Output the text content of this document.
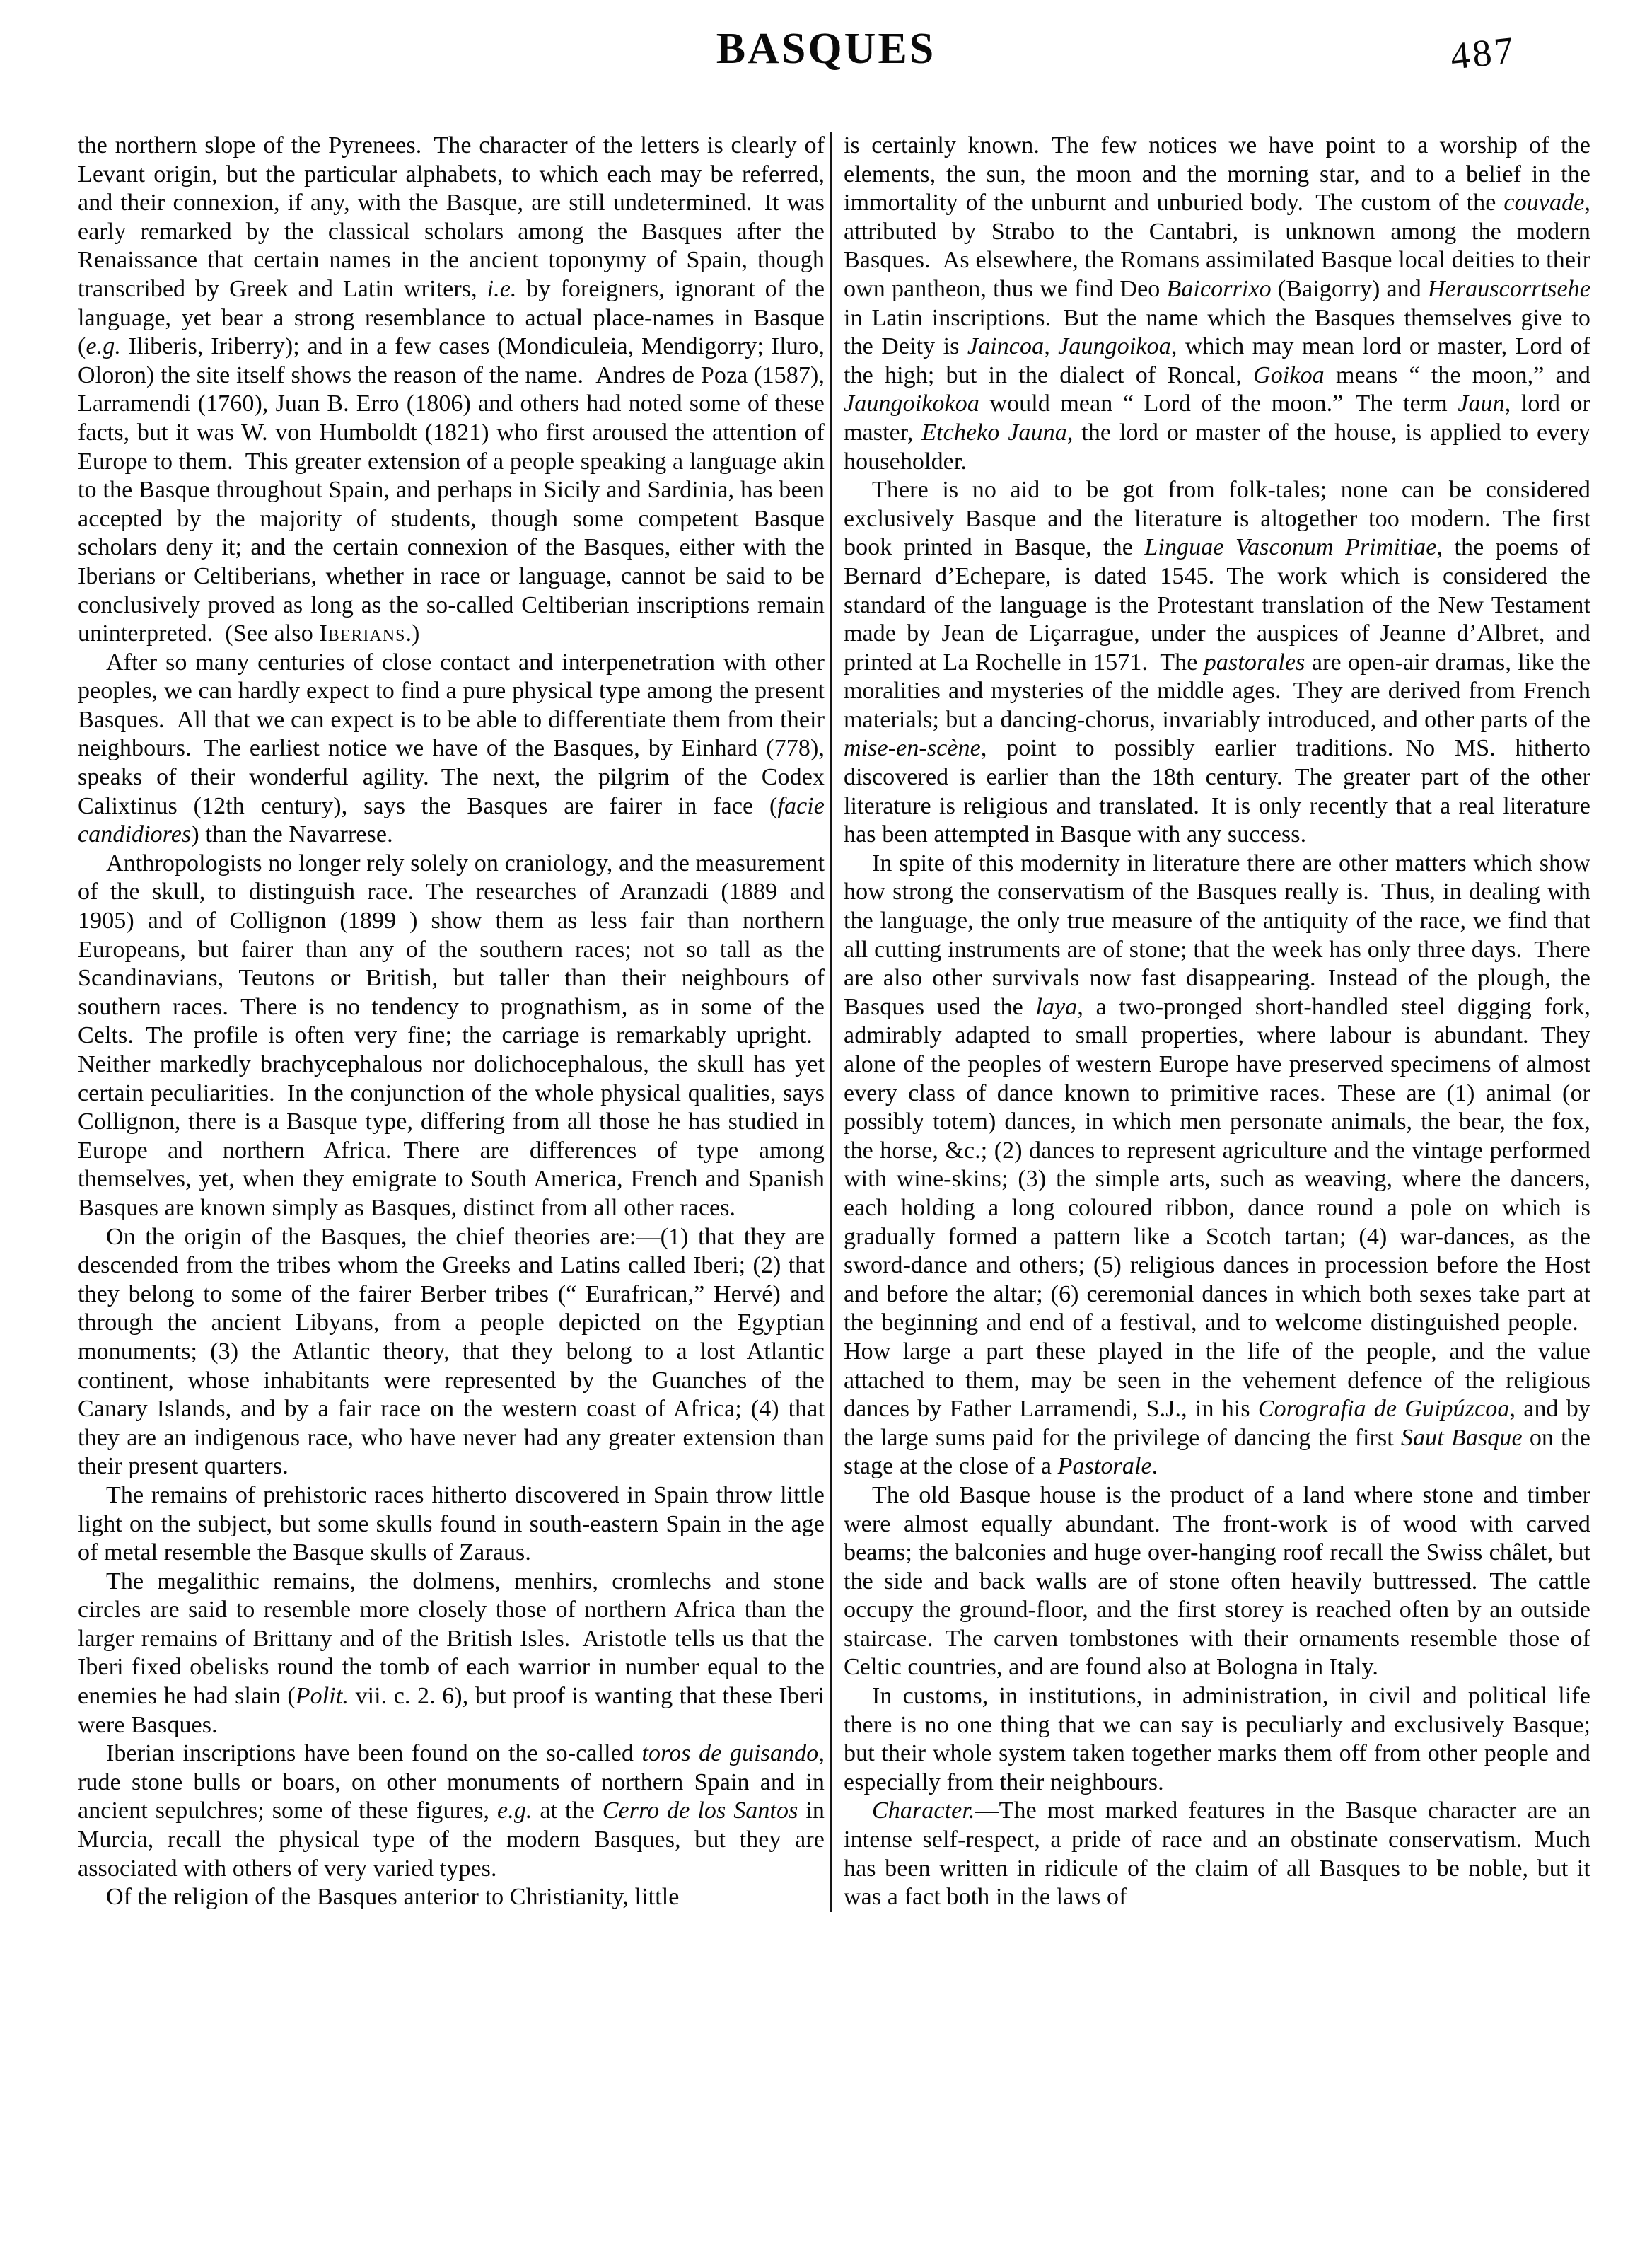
BASQUES	487

the northern slope of the Pyrenees. The character of the letters is clearly of Levant origin, but the particular alphabets, to which each may be referred, and their connexion, if any, with the Basque, are still undetermined. It was early remarked by the classical scholars among the Basques after the Renaissance that certain names in the ancient toponymy of Spain, though transcribed by Greek and Latin writers, i.e. by foreigners, ignorant of the language, yet bear a strong resemblance to actual place-names in Basque (e.g. Iliberis, Iriberry); and in a few cases (Mondiculeia, Mendigorry; Iluro, Oloron) the site itself shows the reason of the name. Andres de Poza (1587), Larramendi (1760), Juan B. Erro (1806) and others had noted some of these facts, but it was W. von Humboldt (1821) who first aroused the attention of Europe to them. This greater extension of a people speaking a language akin to the Basque throughout Spain, and perhaps in Sicily and Sardinia, has been accepted by the majority of students, though some competent Basque scholars deny it; and the certain connexion of the Basques, either with the Iberians or Celtiberians, whether in race or language, cannot be said to be conclusively proved as long as the so-called Celtiberian inscriptions remain uninterpreted. (See also Iberians.)

After so many centuries of close contact and interpenetration with other peoples, we can hardly expect to find a pure physical type among the present Basques. All that we can expect is to be able to differentiate them from their neighbours. The earliest notice we have of the Basques, by Einhard (778), speaks of their wonderful agility. The next, the pilgrim of the Codex Calixtinus (12th century), says the Basques are fairer in face (facie candidiores) than the Navarrese.

Anthropologists no longer rely solely on craniology, and the measurement of the skull, to distinguish race. The researches of Aranzadi (1889 and 1905) and of Collignon (1899 ) show them as less fair than northern Europeans, but fairer than any of the southern races; not so tall as the Scandinavians, Teutons or British, but taller than their neighbours of southern races. There is no tendency to prognathism, as in some of the Celts. The profile is often very fine; the carriage is remarkably upright. Neither markedly brachycephalous nor dolichocephalous, the skull has yet certain peculiarities. In the conjunction of the whole physical qualities, says Collignon, there is a Basque type, differing from all those he has studied in Europe and northern Africa. There are differences of type among themselves, yet, when they emigrate to South America, French and Spanish Basques are known simply as Basques, distinct from all other races.

On the origin of the Basques, the chief theories are:—(1) that they are descended from the tribes whom the Greeks and Latins called Iberi; (2) that they belong to some of the fairer Berber tribes (“ Eurafrican,” Hervé) and through the ancient Libyans, from a people depicted on the Egyptian monuments; (3) the Atlantic theory, that they belong to a lost Atlantic continent, whose inhabitants were represented by the Guanches of the Canary Islands, and by a fair race on the western coast of Africa; (4) that they are an indigenous race, who have never had any greater extension than their present quarters.

The remains of prehistoric races hitherto discovered in Spain throw little light on the subject, but some skulls found in south-eastern Spain in the age of metal resemble the Basque skulls of Zaraus.

The megalithic remains, the dolmens, menhirs, cromlechs and stone circles are said to resemble more closely those of northern Africa than the larger remains of Brittany and of the British Isles. Aristotle tells us that the Iberi fixed obelisks round the tomb of each warrior in number equal to the enemies he had slain (Polit. vii. c. 2. 6), but proof is wanting that these Iberi were Basques.

Iberian inscriptions have been found on the so-called toros de guisando, rude stone bulls or boars, on other monuments of northern Spain and in ancient sepulchres; some of these figures, e.g. at the Cerro de los Santos in Murcia, recall the physical type of the modern Basques, but they are associated with others of very varied types.

Of the religion of the Basques anterior to Christianity, little

is certainly known. The few notices we have point to a worship of the elements, the sun, the moon and the morning star, and to a belief in the immortality of the unburnt and unburied body. The custom of the couvade, attributed by Strabo to the Cantabri, is unknown among the modern Basques. As elsewhere, the Romans assimilated Basque local deities to their own pantheon, thus we find Deo Baicorrixo (Baigorry) and Herauscorrtsehe in Latin inscriptions. But the name which the Basques themselves give to the Deity is Jaincoa, Jaungoikoa, which may mean lord or master, Lord of the high; but in the dialect of Roncal, Goikoa means “ the moon,” and Jaungoikokoa would mean “ Lord of the moon.” The term Jaun, lord or master, Etcheko Jauna, the lord or master of the house, is applied to every householder.

There is no aid to be got from folk-tales; none can be considered exclusively Basque and the literature is altogether too modern. The first book printed in Basque, the Linguae Vasconum Primitiae, the poems of Bernard d’Echepare, is dated 1545. The work which is considered the standard of the language is the Protestant translation of the New Testament made by Jean de Liçarrague, under the auspices of Jeanne d’Albret, and printed at La Rochelle in 1571. The pastorales are open-air dramas, like the moralities and mysteries of the middle ages. They are derived from French materials; but a dancing-chorus, invariably introduced, and other parts of the mise-en-scène, point to possibly earlier traditions. No MS. hitherto discovered is earlier than the 18th century. The greater part of the other literature is religious and translated. It is only recently that a real literature has been attempted in Basque with any success.

In spite of this modernity in literature there are other matters which show how strong the conservatism of the Basques really is. Thus, in dealing with the language, the only true measure of the antiquity of the race, we find that all cutting instruments are of stone; that the week has only three days. There are also other survivals now fast disappearing. Instead of the plough, the Basques used the laya, a two-pronged short-handled steel digging fork, admirably adapted to small properties, where labour is abundant. They alone of the peoples of western Europe have preserved specimens of almost every class of dance known to primitive races. These are (1) animal (or possibly totem) dances, in which men personate animals, the bear, the fox, the horse, &c.; (2) dances to represent agriculture and the vintage performed with wine-skins; (3) the simple arts, such as weaving, where the dancers, each holding a long coloured ribbon, dance round a pole on which is gradually formed a pattern like a Scotch tartan; (4) war-dances, as the sword-dance and others; (5) religious dances in procession before the Host and before the altar; (6) ceremonial dances in which both sexes take part at the beginning and end of a festival, and to welcome distinguished people. How large a part these played in the life of the people, and the value attached to them, may be seen in the vehement defence of the religious dances by Father Larramendi, S.J., in his Corografia de Guipúzcoa, and by the large sums paid for the privilege of dancing the first Saut Basque on the stage at the close of a Pastorale.

The old Basque house is the product of a land where stone and timber were almost equally abundant. The front-work is of wood with carved beams; the balconies and huge over-hanging roof recall the Swiss châlet, but the side and back walls are of stone often heavily buttressed. The cattle occupy the ground-floor, and the first storey is reached often by an outside staircase. The carven tombstones with their ornaments resemble those of Celtic countries, and are found also at Bologna in Italy.

In customs, in institutions, in administration, in civil and political life there is no one thing that we can say is peculiarly and exclusively Basque; but their whole system taken together marks them off from other people and especially from their neighbours.

Character.—The most marked features in the Basque character are an intense self-respect, a pride of race and an obstinate conservatism. Much has been written in ridicule of the claim of all Basques to be noble, but it was a fact both in the laws of
